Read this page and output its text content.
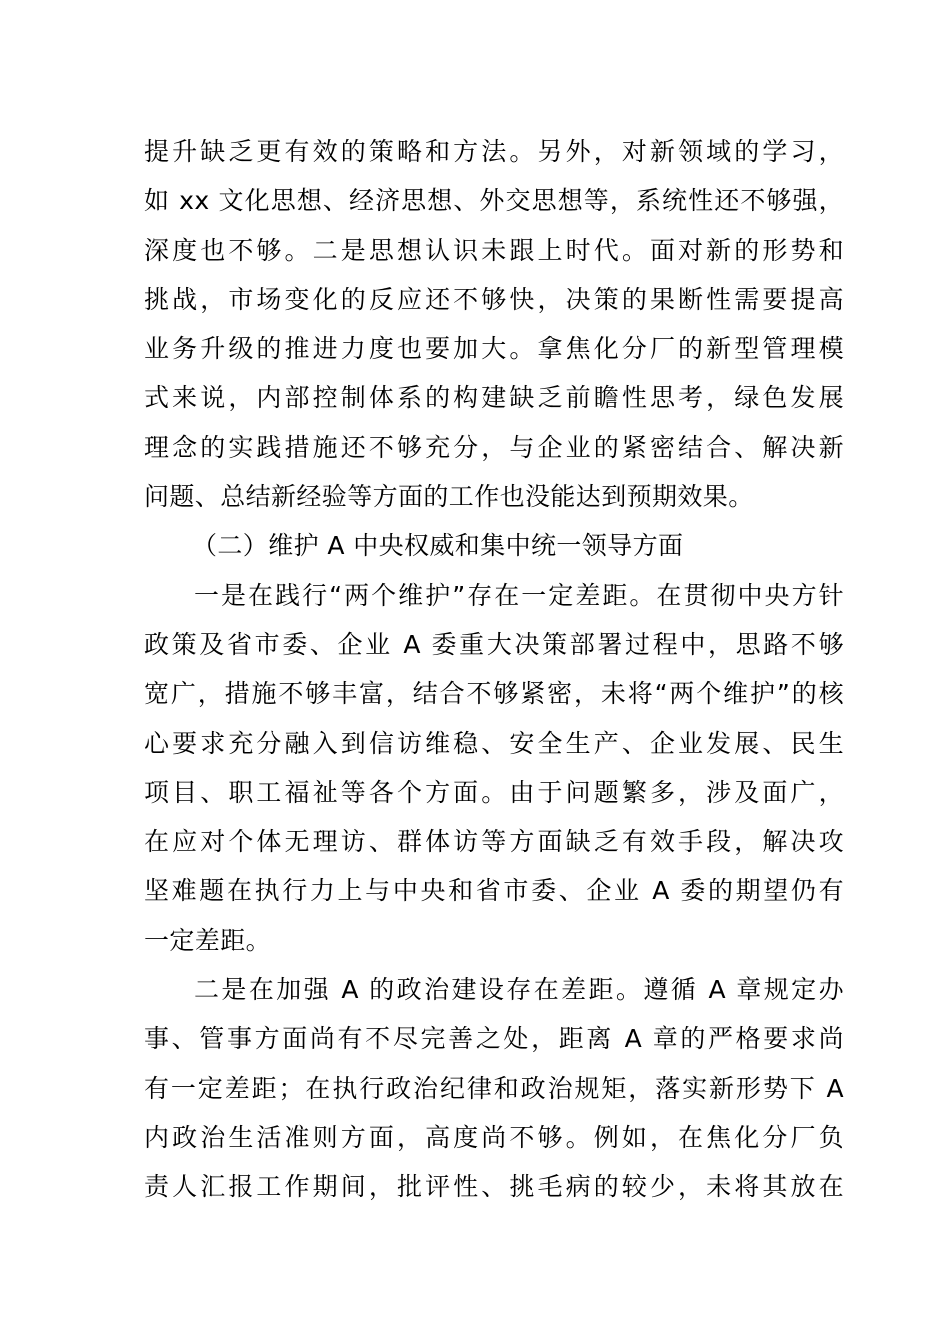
提升缺乏更有效的策略和方法。另外，对新领域的学习，
如 xx 文化思想、经济思想、外交思想等，系统性还不够强，
深度也不够。二是思想认识未跟上时代。面对新的形势和
挑战，市场变化的反应还不够快，决策的果断性需要提高
业务升级的推进力度也要加大。拿焦化分厂的新型管理模
式来说，内部控制体系的构建缺乏前瞻性思考，绿色发展
理念的实践措施还不够充分，与企业的紧密结合、解决新
问题、总结新经验等方面的工作也没能达到预期效果。
（二）维护 A 中央权威和集中统一领导方面
一是在践行“两个维护”存在一定差距。在贯彻中央方针
政策及省市委、企业 A 委重大决策部署过程中，思路不够
宽广，措施不够丰富，结合不够紧密，未将“两个维护”的核
心要求充分融入到信访维稳、安全生产、企业发展、民生
项目、职工福祉等各个方面。由于问题繁多，涉及面广，
在应对个体无理访、群体访等方面缺乏有效手段，解决攻
坚难题在执行力上与中央和省市委、企业 A 委的期望仍有
一定差距。
二是在加强 A 的政治建设存在差距。遵循 A 章规定办
事、管事方面尚有不尽完善之处，距离 A 章的严格要求尚
有一定差距；在执行政治纪律和政治规矩，落实新形势下 A
内政治生活准则方面，高度尚不够。例如，在焦化分厂负
责人汇报工作期间，批评性、挑毛病的较少，未将其放在
